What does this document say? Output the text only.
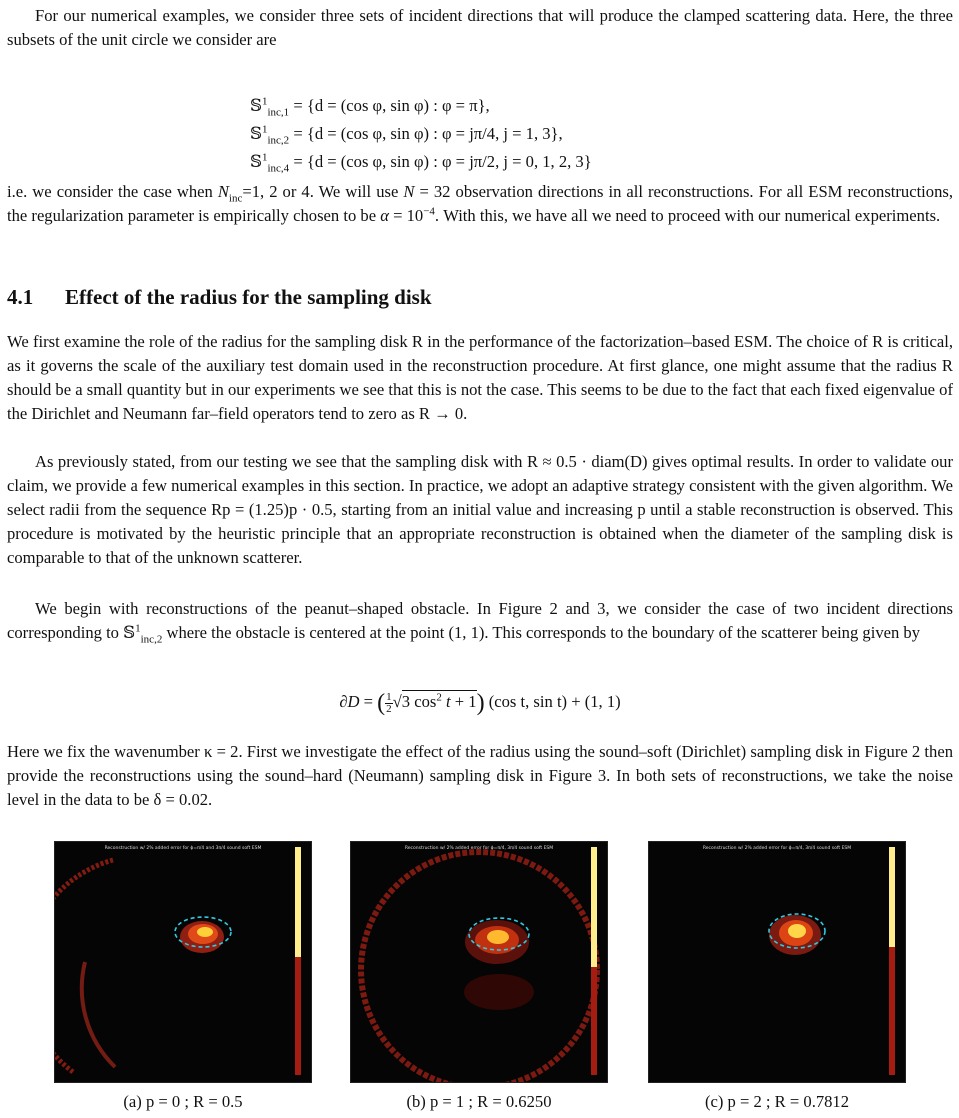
For our numerical examples, we consider three sets of incident directions that will produce the clamped scattering data. Here, the three subsets of the unit circle we consider are

𝕊$^1_{inc,1}$ = {d = (cos φ, sin φ) : φ = π},
𝕊$^1_{inc,2}$ = {d = (cos φ, sin φ) : φ = jπ/4, j = 1, 3},
𝕊$^1_{inc,4}$ = {d = (cos φ, sin φ) : φ = jπ/2, j = 0, 1, 2, 3}

i.e. we consider the case when $N_{inc}=1$, 2 or 4. We will use N = 32 observation directions in all reconstructions. For all ESM reconstructions, the regularization parameter is empirically chosen to be $\alpha = 10^{-4}$. With this, we have all we need to proceed with our numerical experiments.

4.1 Effect of the radius for the sampling disk

We first examine the role of the radius for the sampling disk R in the performance of the factorization–based ESM. The choice of R is critical, as it governs the scale of the auxiliary test domain used in the reconstruction procedure. At first glance, one might assume that the radius R should be a small quantity but in our experiments we see that this is not the case. This seems to be due to the fact that each fixed eigenvalue of the Dirichlet and Neumann far–field operators tend to zero as R → 0.

As previously stated, from our testing we see that the sampling disk with R ≈ 0.5 · diam(D) gives optimal results. In order to validate our claim, we provide a few numerical examples in this section. In practice, we adopt an adaptive strategy consistent with the given algorithm. We select radii from the sequence Rp = (1.25)p · 0.5, starting from an initial value and increasing p until a stable reconstruction is observed. This procedure is motivated by the heuristic principle that an appropriate reconstruction is obtained when the diameter of the sampling disk is comparable to that of the unknown scatterer.

We begin with reconstructions of the peanut–shaped obstacle. In Figure 2 and 3, we consider the case of two incident directions corresponding to 𝕊$^1_{inc,2}$ where the obstacle is centered at the point (1, 1). This corresponds to the boundary of the scatterer being given by

∂D = ( $\frac{1}{2} √3$ $\cos^2 t + 1$) (cos t, sin t) + (1, 1)

Here we fix the wavenumber κ = 2. First we investigate the effect of the radius using the sound–soft (Dirichlet) sampling disk in Figure 2 then provide the reconstructions using the sound–hard (Neumann) sampling disk in Figure 3. In both sets of reconstructions, we take the noise level in the data to be δ = 0.02.

Reconstruction w/ 2% added error for ϕ=π/4 and 3π/4 sound soft ESM
(a) p = 0 ; R = 0.5
Reconstruction w/ 2% added error for ϕ=π/4, 3π/4 sound soft ESM
(b) p = 1 ; R = 0.6250
Reconstruction w/ 2% added error for ϕ=π/4, 3π/4 sound soft ESM
(c) p = 2 ; R = 0.7812
